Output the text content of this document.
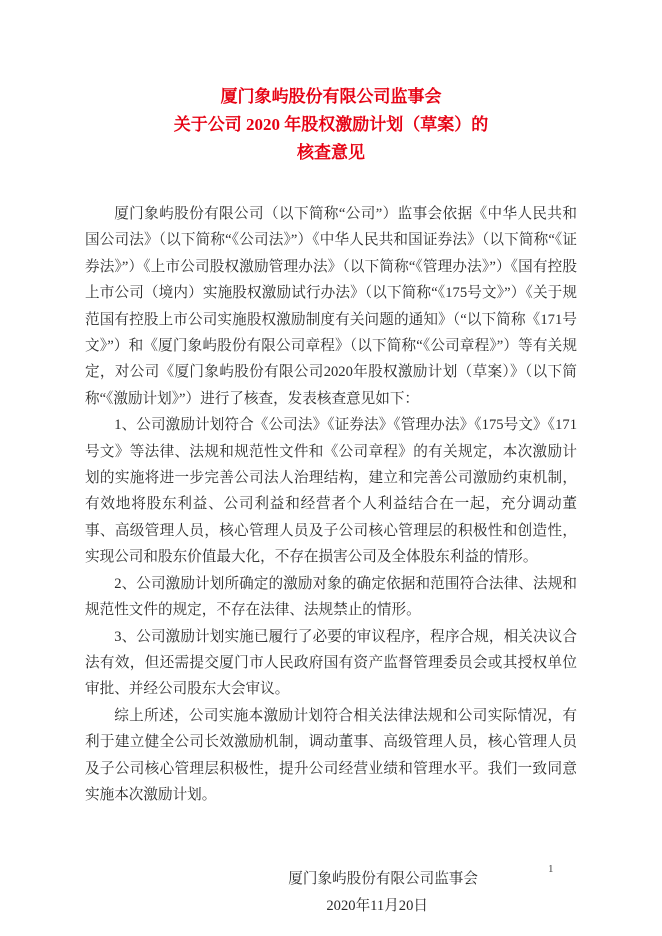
厦门象屿股份有限公司监事会
关于公司 2020 年股权激励计划（草案）的
核查意见

厦门象屿股份有限公司（以下简称“公司”）监事会依据《中华人民共和国公司法》（以下简称“《公司法》”）《中华人民共和国证券法》（以下简称“《证券法》”）《上市公司股权激励管理办法》（以下简称“《管理办法》”）《国有控股上市公司（境内）实施股权激励试行办法》（以下简称“《175号文》”）《关于规范国有控股上市公司实施股权激励制度有关问题的通知》（“以下简称《171号文》”）和《厦门象屿股份有限公司章程》（以下简称“《公司章程》”）等有关规定，对公司《厦门象屿股份有限公司2020年股权激励计划（草案）》（以下简称“《激励计划》”）进行了核查，发表核查意见如下：

1、公司激励计划符合《公司法》《证券法》《管理办法》《175号文》《171号文》等法律、法规和规范性文件和《公司章程》的有关规定，本次激励计划的实施将进一步完善公司法人治理结构，建立和完善公司激励约束机制，有效地将股东利益、公司利益和经营者个人利益结合在一起，充分调动董事、高级管理人员，核心管理人员及子公司核心管理层的积极性和创造性，实现公司和股东价值最大化，不存在损害公司及全体股东利益的情形。

2、公司激励计划所确定的激励对象的确定依据和范围符合法律、法规和规范性文件的规定，不存在法律、法规禁止的情形。

3、公司激励计划实施已履行了必要的审议程序，程序合规，相关决议合法有效，但还需提交厦门市人民政府国有资产监督管理委员会或其授权单位审批、并经公司股东大会审议。

综上所述，公司实施本激励计划符合相关法律法规和公司实际情况，有利于建立健全公司长效激励机制，调动董事、高级管理人员，核心管理人员及子公司核心管理层积极性，提升公司经营业绩和管理水平。我们一致同意实施本次激励计划。

厦门象屿股份有限公司监事会
2020年11月20日
1
